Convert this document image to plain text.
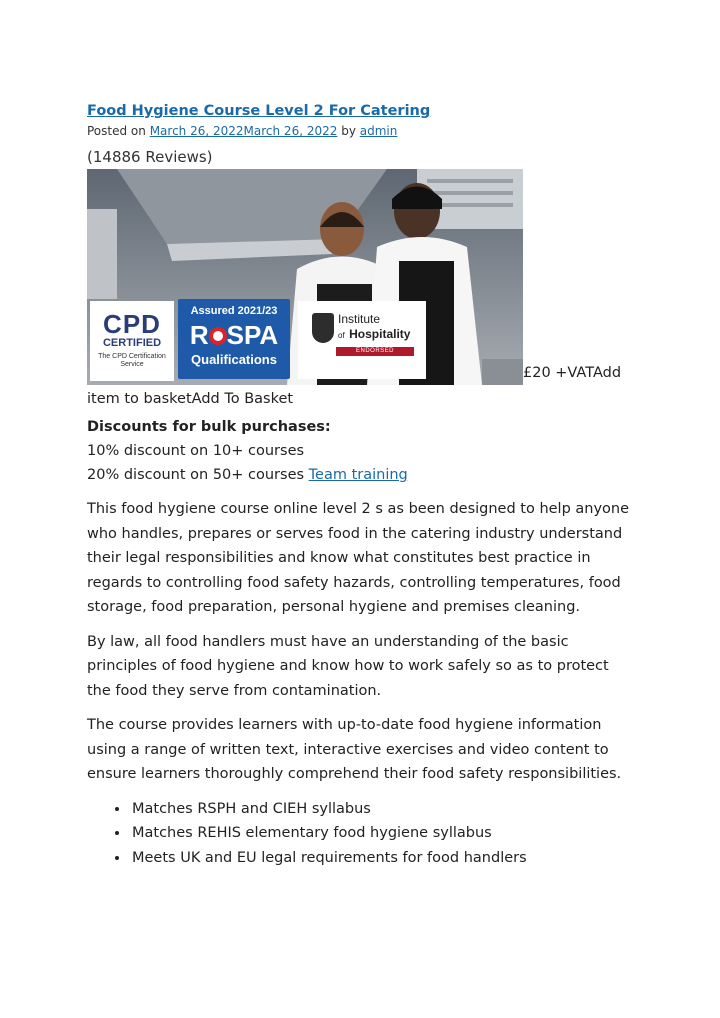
Food Hygiene Course Level 2 For Catering
Posted on March 26, 2022March 26, 2022 by admin
(14886 Reviews)
CPD
CERTIFIED
The CPD Certification
Service
Assured 2021/23
R SPA
Qualifications
Institute
of Hospitality
ENDORSED
£20 +VATAdd
item to basketAdd To Basket

Discounts for bulk purchases:

10% discount on 10+ courses

20% discount on 50+ courses Team training

This food hygiene course online level 2 s as been designed to help anyone who handles, prepares or serves food in the catering industry understand their legal responsibilities and know what constitutes best practice in regards to controlling food safety hazards, controlling temperatures, food storage, food preparation, personal hygiene and premises cleaning.

By law, all food handlers must have an understanding of the basic principles of food hygiene and know how to work safely so as to protect the food they serve from contamination.

The course provides learners with up-to-date food hygiene information using a range of written text, interactive exercises and video content to ensure learners thoroughly comprehend their food safety responsibilities.

• Matches RSPH and CIEH syllabus
• Matches REHIS elementary food hygiene syllabus
• Meets UK and EU legal requirements for food handlers
